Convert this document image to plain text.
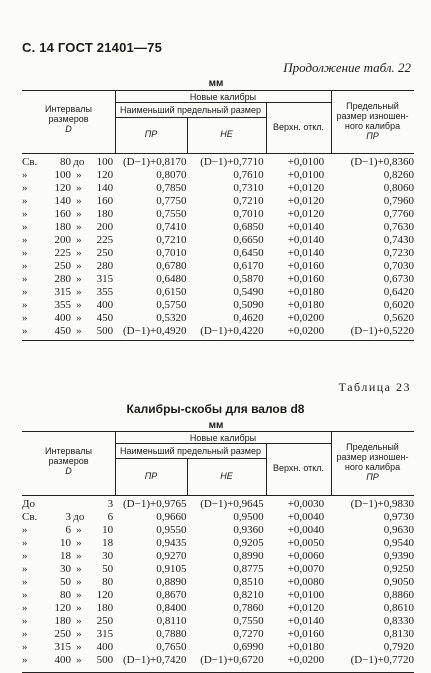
С. 14 ГОСТ 21401—75
Продолжение табл. 22
мм
Интервалы
размеров
D
Новые калибры
Наименьший предельный размер
ПР	НЕ
Верхн. откл.
Предельный
размер изношен-
ного калибра
ПР
Св.	80	до	100	(D−1)+0,8170	(D−1)+0,7710	+0,0100	(D−1)+0,8360
»	100	»	120	0,8070	0,7610	+0,0100	0,8260
»	120	»	140	0,7850	0,7310	+0,0120	0,8060
»	140	»	160	0,7750	0,7210	+0,0120	0,7960
»	160	»	180	0,7550	0,7010	+0,0120	0,7760
»	180	»	200	0,7410	0,6850	+0,0140	0,7630
»	200	»	225	0,7210	0,6650	+0,0140	0,7430
»	225	»	250	0,7010	0,6450	+0,0140	0,7230
»	250	»	280	0,6780	0,6170	+0,0160	0,7030
»	280	»	315	0,6480	0,5870	+0,0160	0,6730
»	315	»	355	0,6150	0,5490	+0,0180	0,6420
»	355	»	400	0,5750	0,5090	+0,0180	0,6020
»	400	»	450	0,5320	0,4620	+0,0200	0,5620
»	450	»	500	(D−1)+0,4920	(D−1)+0,4220	+0,0200	(D−1)+0,5220
Таблица 23
Калибры-скобы для валов d8
мм
Интервалы
размеров
D
Новые калибры
Наименьший предельный размер
ПР	НЕ
Верхн. откл.
Предельный
размер изношен-
ного калибра
ПР
До			3	(D−1)+0,9765	(D−1)+0,9645	+0,0030	(D−1)+0,9830
Св.	3	до	6	0,9660	0,9500	+0,0040	0,9730
»	6	»	10	0,9550	0,9360	+0,0040	0,9630
»	10	»	18	0,9435	0,9205	+0,0050	0,9540
»	18	»	30	0,9270	0,8990	+0,0060	0,9390
»	30	»	50	0,9105	0,8775	+0,0070	0,9250
»	50	»	80	0,8890	0,8510	+0,0080	0,9050
»	80	»	120	0,8670	0,8210	+0,0100	0,8860
»	120	»	180	0,8400	0,7860	+0,0120	0,8610
»	180	»	250	0,8110	0,7550	+0,0140	0,8330
»	250	»	315	0,7880	0,7270	+0,0160	0,8130
»	315	»	400	0,7650	0,6990	+0,0180	0,7920
»	400	»	500	(D−1)+0,7420	(D−1)+0,6720	+0,0200	(D−1)+0,7720
